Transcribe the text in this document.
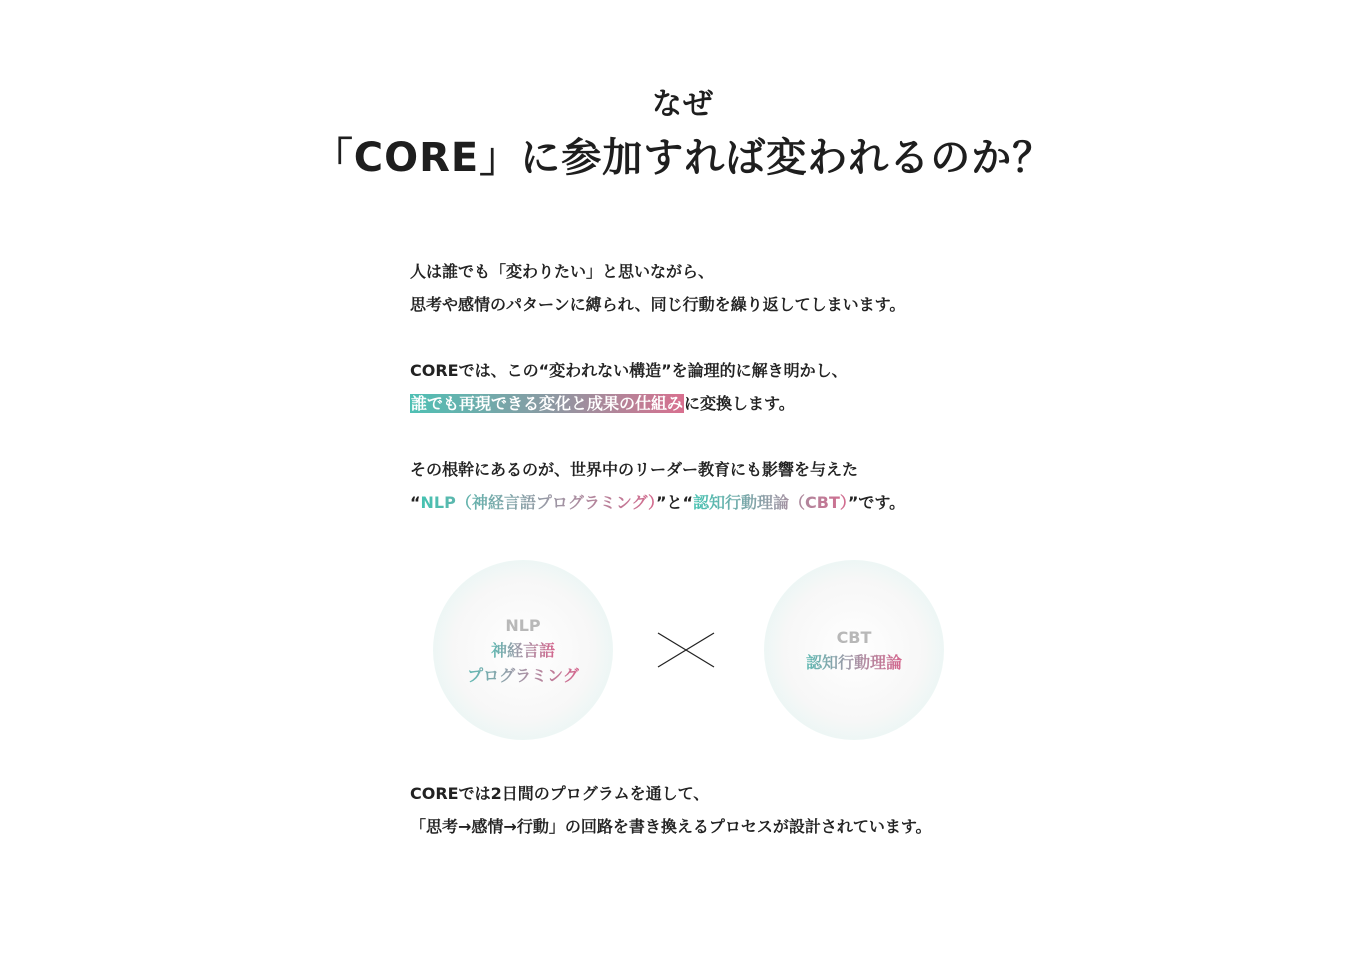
なぜ
「CORE」に参加すれば変われるのか？

人は誰でも「変わりたい」と思いながら、

思考や感情のパターンに縛られ、同じ行動を繰り返してしまいます。

COREでは、この“変われない構造”を論理的に解き明かし、

誰でも再現できる変化と成果の仕組みに変換します。

その根幹にあるのが、世界中のリーダー教育にも影響を与えた

“NLP（神経言語プログラミング）”と“認知行動理論（CBT）”です。

NLP
神経言語
プログラミング
CBT
認知行動理論

COREでは2日間のプログラムを通して、

「思考→感情→行動」の回路を書き換えるプロセスが設計されています。
